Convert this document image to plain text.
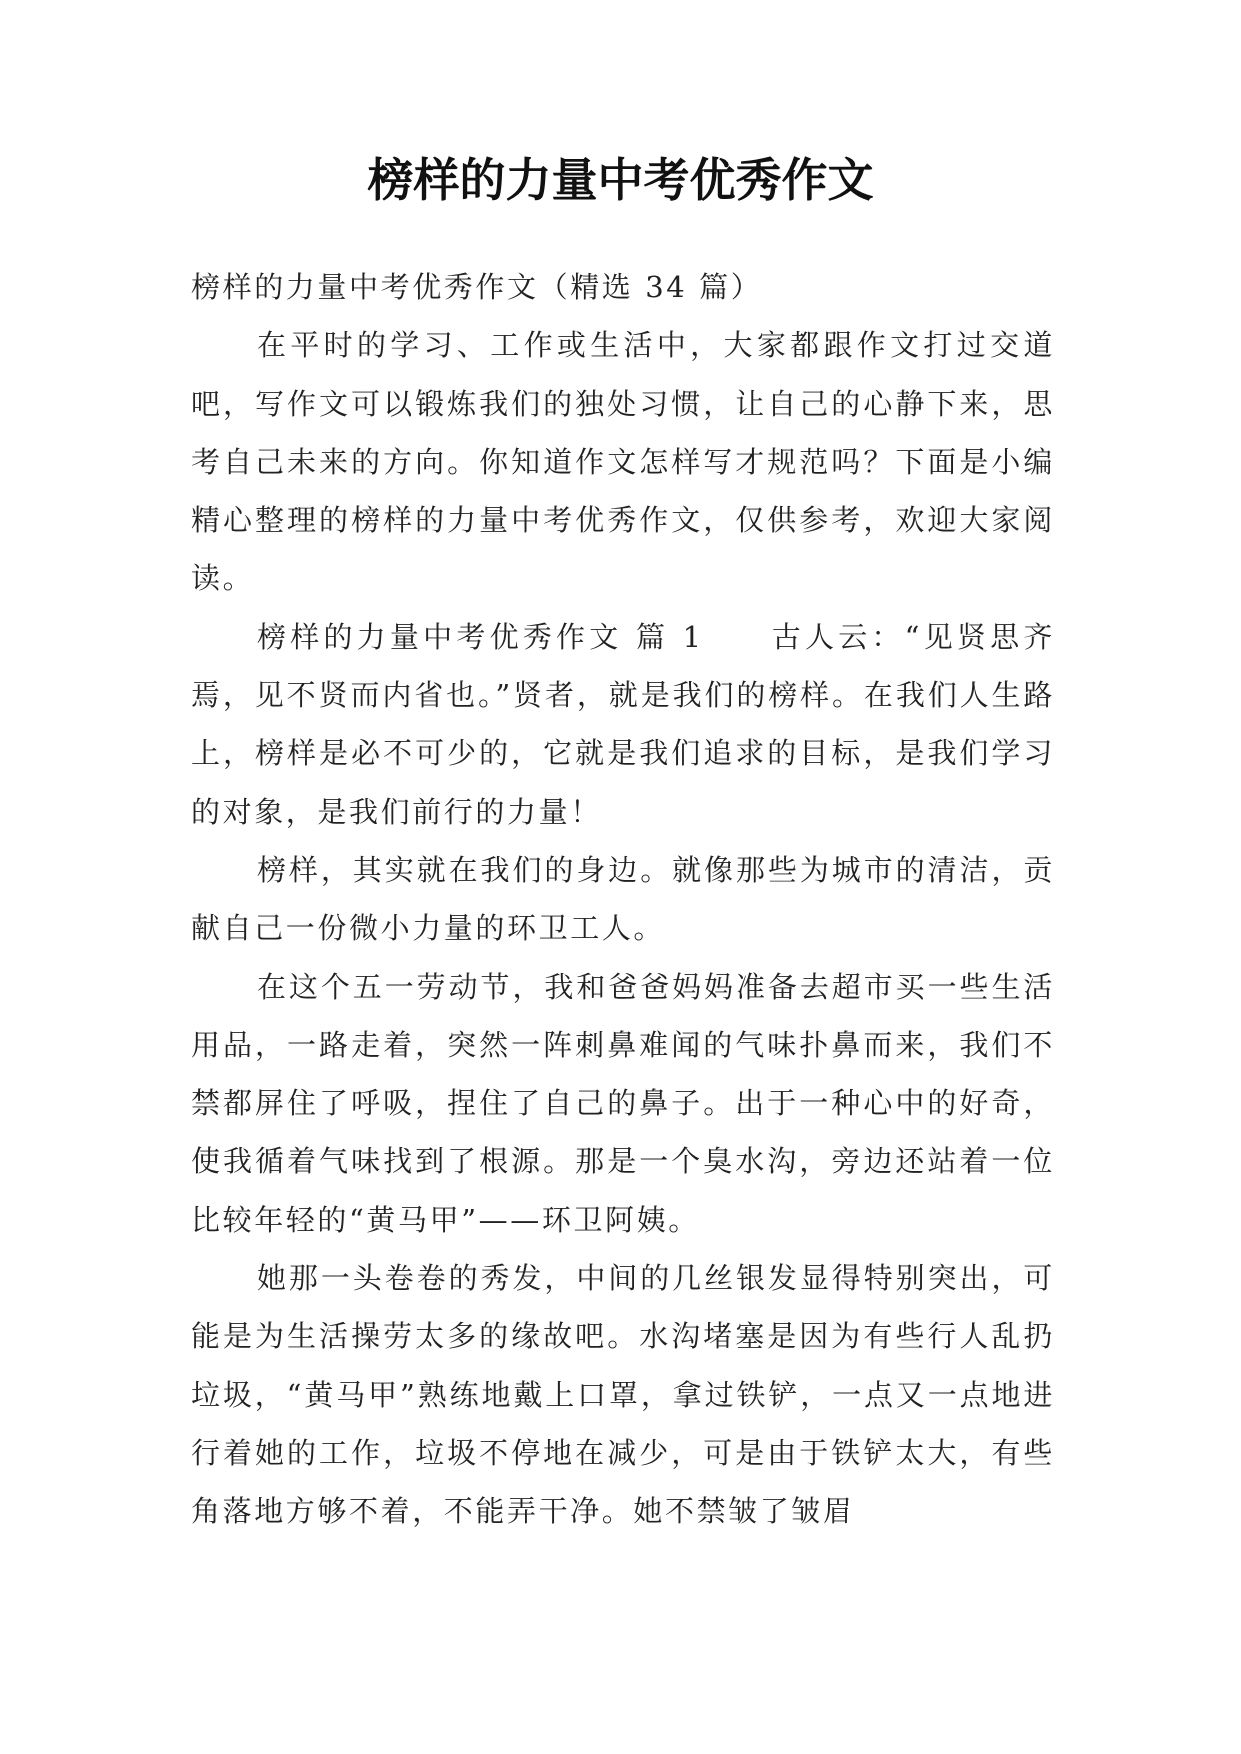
榜样的力量中考优秀作文

榜样的力量中考优秀作文（精选 34 篇）

在平时的学习、工作或生活中，大家都跟作文打过交道吧，写作文可以锻炼我们的独处习惯，让自己的心静下来，思考自己未来的方向。你知道作文怎样写才规范吗？下面是小编精心整理的榜样的力量中考优秀作文，仅供参考，欢迎大家阅读。

榜样的力量中考优秀作文 篇 1　　古人云：“见贤思齐焉，见不贤而内省也。”贤者，就是我们的榜样。在我们人生路上，榜样是必不可少的，它就是我们追求的目标，是我们学习的对象，是我们前行的力量！

榜样，其实就在我们的身边。就像那些为城市的清洁，贡献自己一份微小力量的环卫工人。

在这个五一劳动节，我和爸爸妈妈准备去超市买一些生活用品，一路走着，突然一阵刺鼻难闻的气味扑鼻而来，我们不禁都屏住了呼吸，捏住了自己的鼻子。出于一种心中的好奇，使我循着气味找到了根源。那是一个臭水沟，旁边还站着一位比较年轻的“黄马甲”——环卫阿姨。

她那一头卷卷的秀发，中间的几丝银发显得特别突出，可能是为生活操劳太多的缘故吧。水沟堵塞是因为有些行人乱扔垃圾，“黄马甲”熟练地戴上口罩，拿过铁铲，一点又一点地进行着她的工作，垃圾不停地在减少，可是由于铁铲太大，有些角落地方够不着，不能弄干净。她不禁皱了皱眉
